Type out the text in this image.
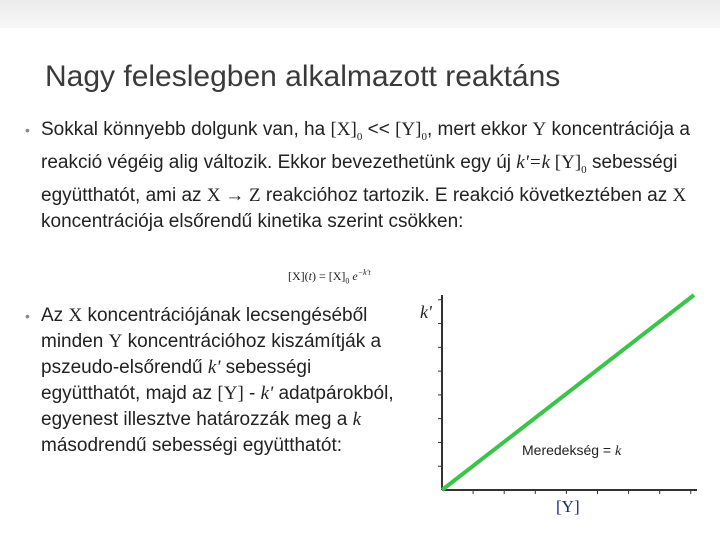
Nagy feleslegben alkalmazott reaktáns
• Sokkal könnyebb dolgunk van, ha $[X]_0 << [Y]_0$, mert ekkor Y koncentrációja a reakció végéig alig változik. Ekkor bevezethetünk egy új k'=k $[Y]_0$ sebességi együtthatót, ami az X → Z reakcióhoz tartozik. E reakció következtében az X koncentrációja elsőrendű kinetika szerint csökken:
$[X](t) = [X]_0$ $e^{-k't}$
• Az X koncentrációjának lecsengéséből minden Y koncentrációhoz kiszámítják a pszeudo-elsőrendű k' sebességi együtthatót, majd az [Y] - k' adatpárokból, egyenest illesztve határozzák meg a k másodrendű sebességi együtthatót:
k'
[Y]
Meredekség = k
